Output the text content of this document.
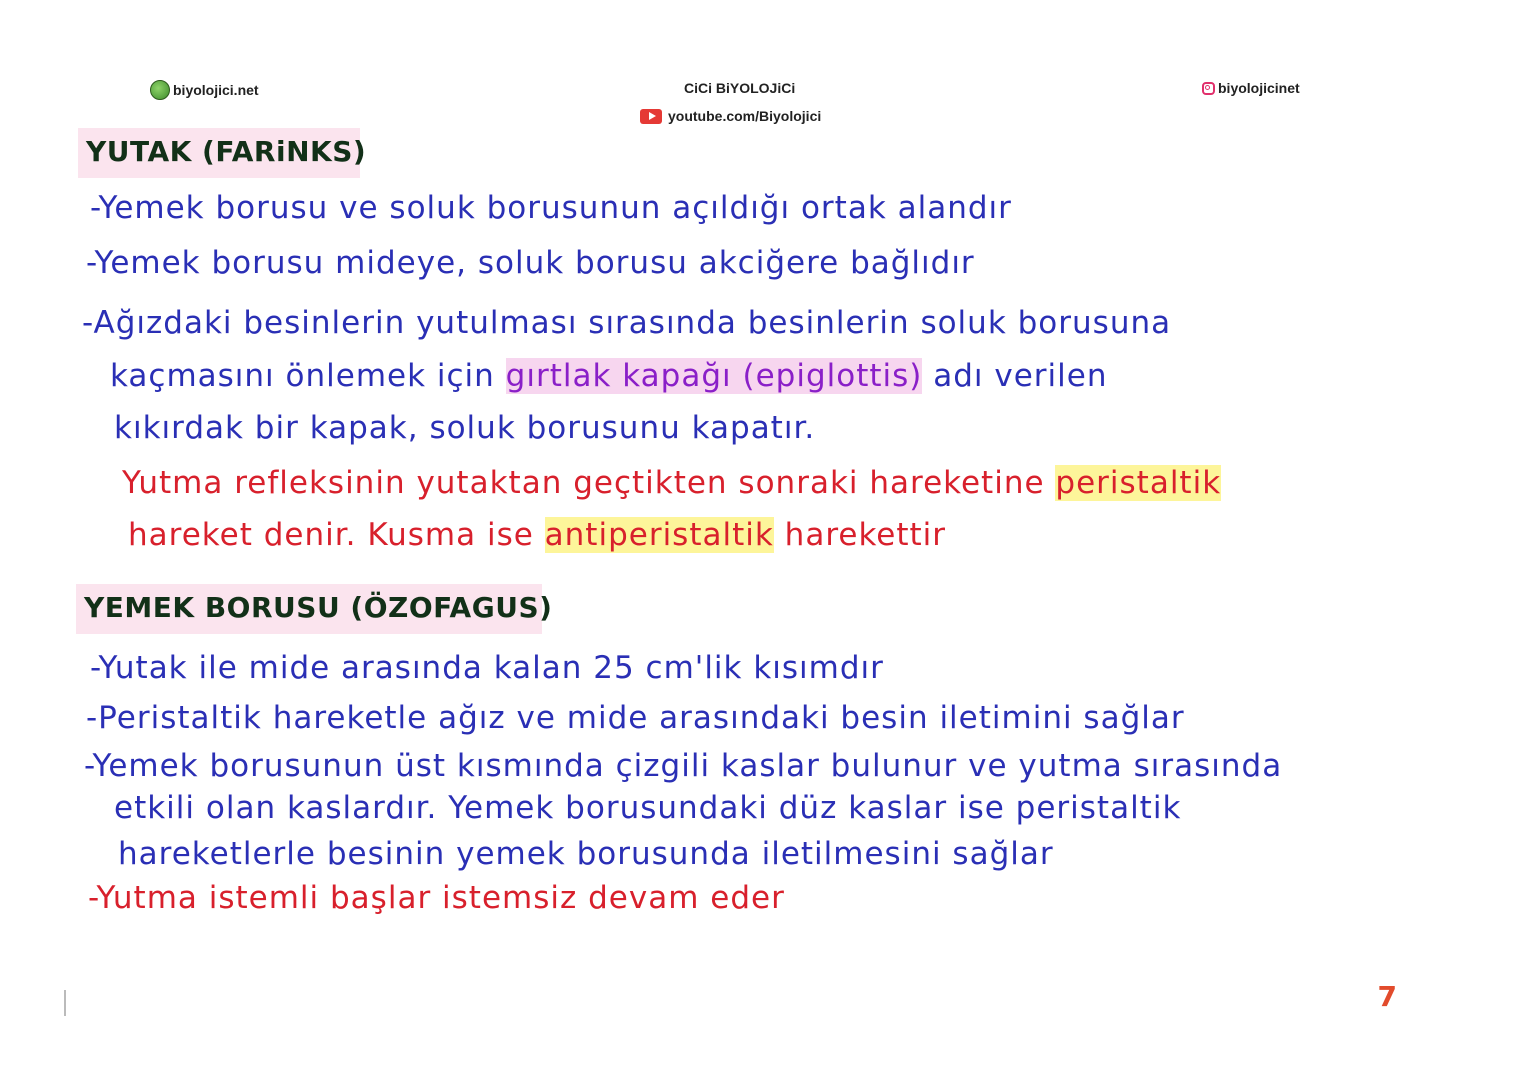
biyolojici.net	CiCi BiYOLOJiCi
youtube.com/Biyolojici
biyolojicinet
YUTAK (FARiNKS)
-Yemek borusu ve soluk borusunun açıldığı ortak alandır
-Yemek borusu mideye, soluk borusu akciğere bağlıdır
-Ağızdaki besinlerin yutulması sırasında besinlerin soluk borusuna
kaçmasını önlemek için gırtlak kapağı (epiglottis) adı verilen
kıkırdak bir kapak, soluk borusunu kapatır.
Yutma refleksinin yutaktan geçtikten sonraki hareketine peristaltik
hareket denir. Kusma ise antiperistaltik harekettir
YEMEK BORUSU (ÖZOFAGUS)
-Yutak ile mide arasında kalan 25 cm'lik kısımdır
-Peristaltik hareketle ağız ve mide arasındaki besin iletimini sağlar
-Yemek borusunun üst kısmında çizgili kaslar bulunur ve yutma sırasında
etkili olan kaslardır. Yemek borusundaki düz kaslar ise peristaltik
hareketlerle besinin yemek borusunda iletilmesini sağlar
-Yutma istemli başlar istemsiz devam eder
7
